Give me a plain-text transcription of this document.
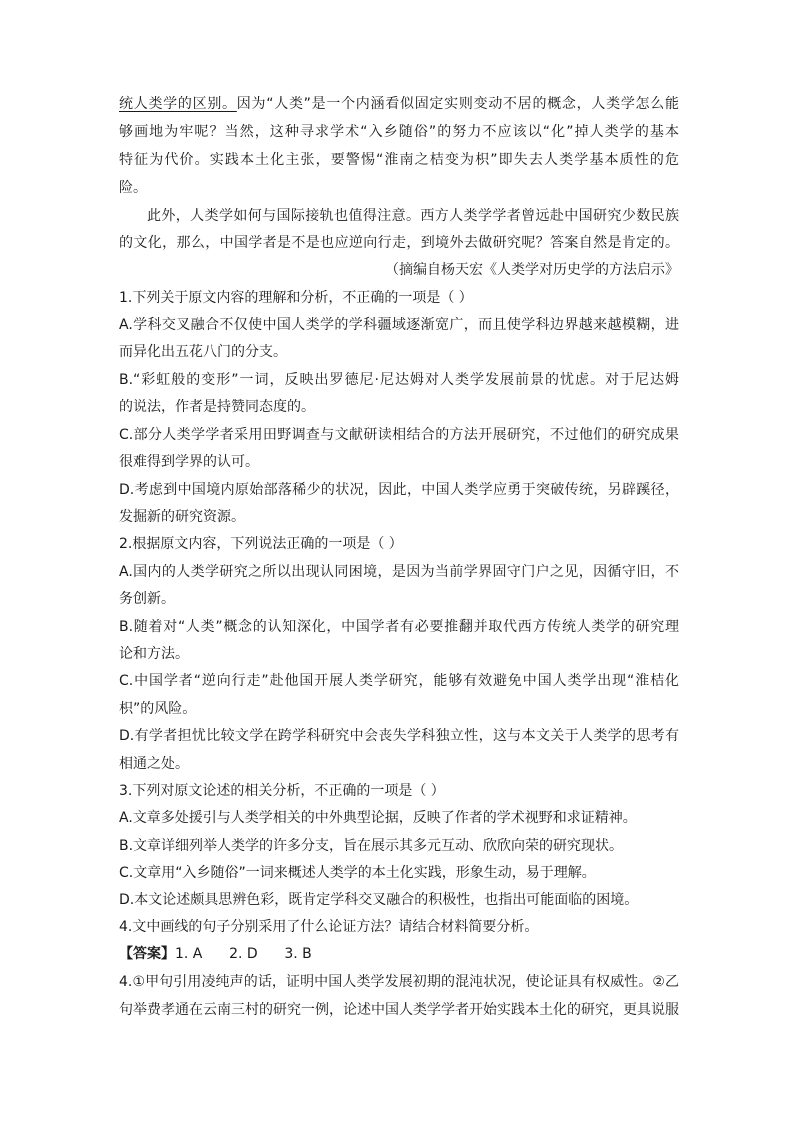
统人类学的区别。因为“人类”是一个内涵看似固定实则变动不居的概念，人类学怎么能
够画地为牢呢？当然，这种寻求学术“入乡随俗”的努力不应该以“化”掉人类学的基本
特征为代价。实践本土化主张，要警惕“淮南之桔变为枳”即失去人类学基本质性的危
险。
此外，人类学如何与国际接轨也值得注意。西方人类学学者曾远赴中国研究少数民族
的文化，那么，中国学者是不是也应逆向行走，到境外去做研究呢？答案自然是肯定的。
（摘编自杨天宏《人类学对历史学的方法启示》
1.下列关于原文内容的理解和分析，不正确的一项是（ ）
A.学科交叉融合不仅使中国人类学的学科疆域逐渐宽广，而且使学科边界越来越模糊，进
而异化出五花八门的分支。
B.“彩虹般的变形”一词，反映出罗德尼·尼达姆对人类学发展前景的忧虑。对于尼达姆
的说法，作者是持赞同态度的。
C.部分人类学学者采用田野调查与文献研读相结合的方法开展研究，不过他们的研究成果
很难得到学界的认可。
D.考虑到中国境内原始部落稀少的状况，因此，中国人类学应勇于突破传统，另辟蹊径，
发掘新的研究资源。
2.根据原文内容，下列说法正确的一项是（ ）
A.国内的人类学研究之所以出现认同困境，是因为当前学界固守门户之见，因循守旧，不
务创新。
B.随着对“人类”概念的认知深化，中国学者有必要推翻并取代西方传统人类学的研究理
论和方法。
C.中国学者“逆向行走”赴他国开展人类学研究，能够有效避免中国人类学出现“淮桔化
枳”的风险。
D.有学者担忧比较文学在跨学科研究中会丧失学科独立性，这与本文关于人类学的思考有
相通之处。
3.下列对原文论述的相关分析，不正确的一项是（ ）
A.文章多处援引与人类学相关的中外典型论据，反映了作者的学术视野和求证精神。
B.文章详细列举人类学的许多分支，旨在展示其多元互动、欣欣向荣的研究现状。
C.文章用“入乡随俗”一词来概述人类学的本土化实践，形象生动，易于理解。
D.本文论述颇具思辨色彩，既肯定学科交叉融合的积极性，也指出可能面临的困境。
4.文中画线的句子分别采用了什么论证方法？请结合材料简要分析。
【答案】1. A      2. D      3. B
4.①甲句引用凌纯声的话，证明中国人类学发展初期的混沌状况，使论证具有权威性。②乙
句举费孝通在云南三村的研究一例，论述中国人类学学者开始实践本土化的研究，更具说服
